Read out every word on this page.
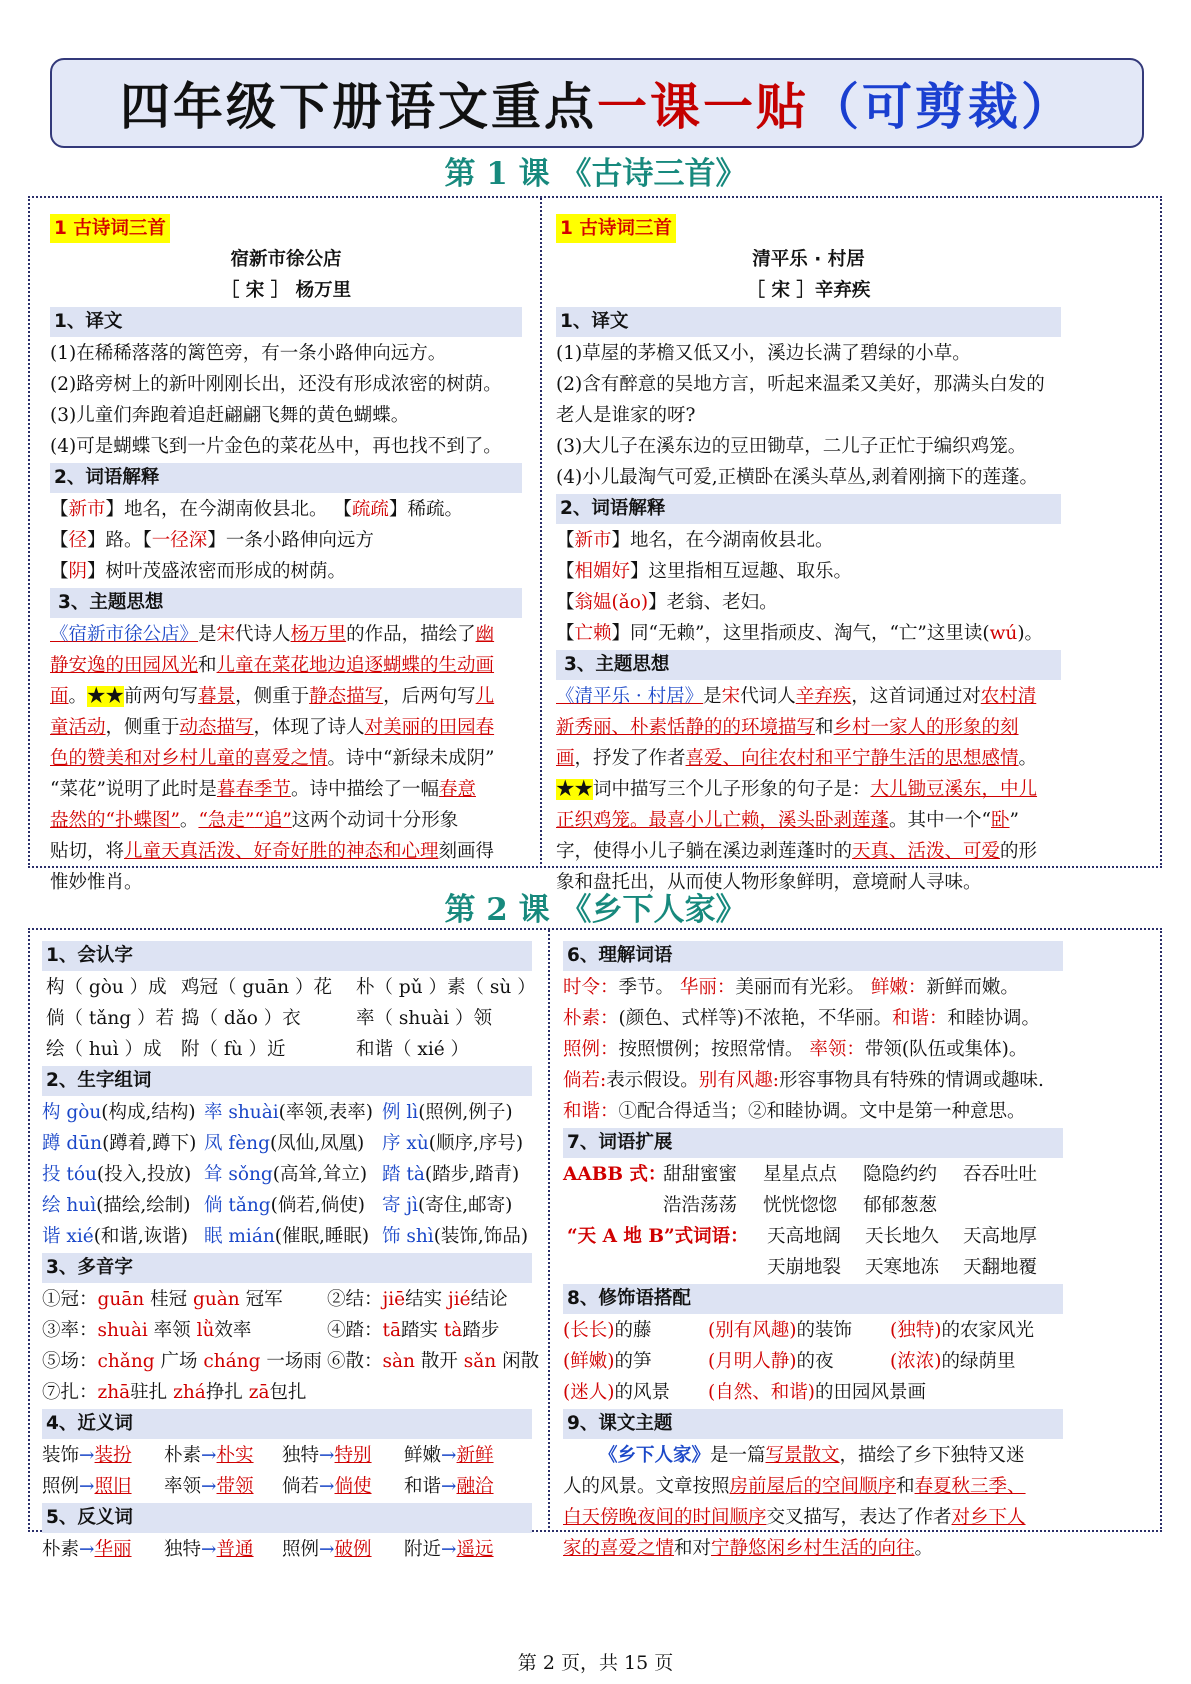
四年级下册语文重点 一课一贴 （可剪裁）
第 1 课 《古诗三首》
1 古诗词三首
宿新市徐公店
［ 宋 ］ 杨万里
1、译文
(1)在稀稀落落的篱笆旁，有一条小路伸向远方。
(2)路旁树上的新叶刚刚长出，还没有形成浓密的树荫。
(3)儿童们奔跑着追赶翩翩飞舞的黄色蝴蝶。
(4)可是蝴蝶飞到一片金色的菜花丛中，再也找不到了。
2、词语解释
【新市】地名，在今湖南攸县北。 【疏疏】稀疏。
【径】路。【一径深】一条小路伸向远方
【阴】树叶茂盛浓密而形成的树荫。
3、主题思想
《宿新市徐公店》是宋代诗人杨万里的作品，描绘了幽
静安逸的田园风光和儿童在菜花地边追逐蝴蝶的生动画
面。★★前两句写暮景，侧重于静态描写，后两句写儿
童活动，侧重于动态描写，体现了诗人对美丽的田园春
色的赞美和对乡村儿童的喜爱之情。诗中“新绿未成阴”
“菜花”说明了此时是暮春季节。诗中描绘了一幅春意
盎然的“扑蝶图”。“急走”“追”这两个动词十分形象
贴切，将儿童天真活泼、好奇好胜的神态和心理刻画得
惟妙惟肖。
1 古诗词三首
清平乐 · 村居
［ 宋 ］辛弃疾
1、译文
(1)草屋的茅檐又低又小，溪边长满了碧绿的小草。
(2)含有醉意的吴地方言，听起来温柔又美好，那满头白发的
老人是谁家的呀?
(3)大儿子在溪东边的豆田锄草，二儿子正忙于编织鸡笼。
(4)小儿最淘气可爱,正横卧在溪头草丛,剥着刚摘下的莲蓬。
2、词语解释
【新市】地名，在今湖南攸县北。
【相媚好】这里指相互逗趣、取乐。
【翁媪(ǎo)】老翁、老妇。
【亡赖】同“无赖”，这里指顽皮、淘气，“亡”这里读(wú)。
3、主题思想
《清平乐 · 村居》是宋代词人辛弃疾，这首词通过对农村清
新秀丽、朴素恬静的的环境描写和乡村一家人的形象的刻
画，抒发了作者喜爱、向往农村和平宁静生活的思想感情。
★★词中描写三个儿子形象的句子是：大儿锄豆溪东，中儿
正织鸡笼。最喜小儿亡赖，溪头卧剥莲蓬。其中一个“卧”
字，使得小儿子躺在溪边剥莲蓬时的天真、活泼、可爱的形
象和盘托出，从而使人物形象鲜明，意境耐人寻味。
第 2 课 《乡下人家》
1、会认字
构（ gòu ）成 鸡冠（ guān ）花 朴（ pǔ ）素（ sù ）
倘（ tǎng ）若 捣（ dǎo ）衣	率（ shuài ）领
绘（ huì ）成 附（ fù ）近	和谐（ xié ）
2、生字组词
构 gòu(构成,结构) 率 shuài(率领,表率) 例 lì(照例,例子)
蹲 dūn(蹲着,蹲下) 凤 fèng(凤仙,凤凰) 序 xù(顺序,序号)
投 tóu(投入,投放) 耸 sǒng(高耸,耸立) 踏 tà(踏步,踏青)
绘 huì(描绘,绘制) 倘 tǎng(倘若,倘使) 寄 jì(寄住,邮寄)
谐 xié(和谐,诙谐) 眠 mián(催眠,睡眠) 饰 shì(装饰,饰品)
3、多音字
①冠：guān 桂冠 guàn 冠军 ②结：jiē结实 jié结论
③率：shuài 率领 lǜ效率	④踏：tā踏实 tà踏步
⑤场：chǎng 广场 cháng 一场雨 ⑥散：sàn 散开 sǎn 闲散
⑦扎：zhā驻扎 zhá挣扎 zā包扎
4、近义词
装饰→装扮 朴素→朴实 独特→特别 鲜嫩→新鲜
照例→照旧 率领→带领 倘若→倘使 和谐→融洽
5、反义词
朴素→华丽 独特→普通 照例→破例 附近→遥远
6、理解词语
时令：季节。 华丽：美丽而有光彩。 鲜嫩：新鲜而嫩。
朴素：(颜色、式样等)不浓艳，不华丽。和谐：和睦协调。
照例：按照惯例；按照常情。 率领：带领(队伍或集体)。
倘若:表示假设。别有风趣:形容事物具有特殊的情调或趣味.
和谐：①配合得适当；②和睦协调。文中是第一种意思。
7、词语扩展
AABB 式：甜甜蜜蜜 星星点点 隐隐约约 吞吞吐吐
浩浩荡荡 恍恍惚惚 郁郁葱葱
“天 A 地 B”式词语： 天高地阔 天长地久 天高地厚
天崩地裂 天寒地冻 天翻地覆
8、修饰语搭配
(长长)的藤	(别有风趣)的装饰 (独特)的农家风光
(鲜嫩)的笋	(月明人静)的夜	(浓浓)的绿荫里
(迷人)的风景 (自然、和谐)的田园风景画
9、课文主题
《乡下人家》是一篇写景散文，描绘了乡下独特又迷
人的风景。文章按照房前屋后的空间顺序和春夏秋三季、
白天傍晚夜间的时间顺序交叉描写，表达了作者对乡下人
家的喜爱之情和对宁静悠闲乡村生活的向往。
第 2 页，共 15 页
